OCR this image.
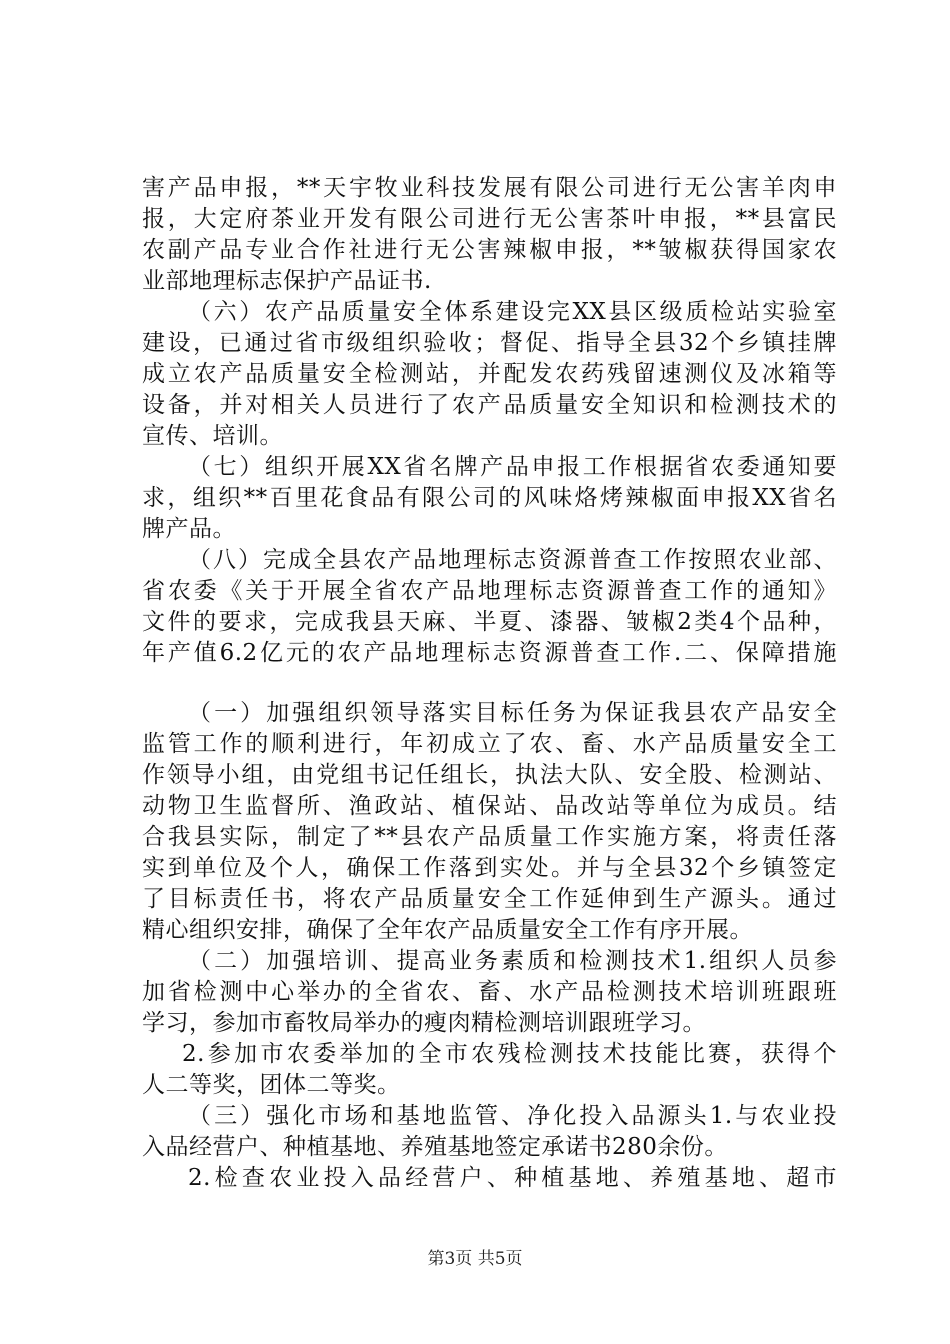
害产品申报，**天宇牧业科技发展有限公司进行无公害羊肉申
报，大定府茶业开发有限公司进行无公害茶叶申报，**县富民
农副产品专业合作社进行无公害辣椒申报，**皱椒获得国家农
业部地理标志保护产品证书.
（六）农产品质量安全体系建设完XX县区级质检站实验室
建设，已通过省市级组织验收；督促、指导全县32个乡镇挂牌
成立农产品质量安全检测站，并配发农药残留速测仪及冰箱等
设备，并对相关人员进行了农产品质量安全知识和检测技术的
宣传、培训。
（七）组织开展XX省名牌产品申报工作根据省农委通知要
求，组织**百里花食品有限公司的风味烙烤辣椒面申报XX省名
牌产品。
（八）完成全县农产品地理标志资源普查工作按照农业部、
省农委《关于开展全省农产品地理标志资源普查工作的通知》
文件的要求，完成我县天麻、半夏、漆器、皱椒2类4个品种，
年产值6.2亿元的农产品地理标志资源普查工作.二、保障措施
（一）加强组织领导落实目标任务为保证我县农产品安全
监管工作的顺利进行，年初成立了农、畜、水产品质量安全工
作领导小组，由党组书记任组长，执法大队、安全股、检测站、
动物卫生监督所、渔政站、植保站、品改站等单位为成员。结
合我县实际，制定了**县农产品质量工作实施方案，将责任落
实到单位及个人，确保工作落到实处。并与全县32个乡镇签定
了目标责任书，将农产品质量安全工作延伸到生产源头。通过
精心组织安排，确保了全年农产品质量安全工作有序开展。
（二）加强培训、提高业务素质和检测技术1.组织人员参
加省检测中心举办的全省农、畜、水产品检测技术培训班跟班
学习，参加市畜牧局举办的瘦肉精检测培训跟班学习。
2.参加市农委举加的全市农残检测技术技能比赛，获得个
人二等奖，团体二等奖。
（三）强化市场和基地监管、净化投入品源头1.与农业投
入品经营户、种植基地、养殖基地签定承诺书280余份。
2.检查农业投入品经营户、种植基地、养殖基地、超市
第3页 共5页
